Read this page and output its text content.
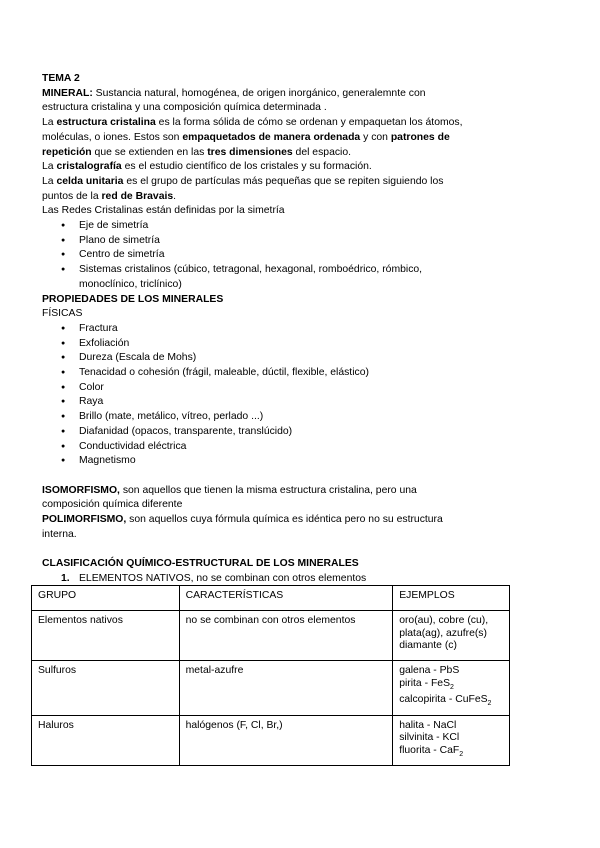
TEMA 2

MINERAL: Sustancia natural, homogénea, de origen inorgánico, generalemnte con estructura cristalina y una composición química determinada .

La estructura cristalina es la forma sólida de cómo se ordenan y empaquetan los átomos, moléculas, o iones. Estos son empaquetados de manera ordenada y con patrones de repetición que se extienden en las tres dimensiones del espacio.

La cristalografía es el estudio científico de los cristales y su formación.

La celda unitaria es el grupo de partículas más pequeñas que se repiten siguiendo los puntos de la red de Bravais.

Las Redes Cristalinas están definidas por la simetría

● Eje de simetría
● Plano de simetría
● Centro de simetría
● Sistemas cristalinos (cúbico, tetragonal, hexagonal, romboédrico, rómbico, monoclínico, triclínico)

PROPIEDADES DE LOS MINERALES

FÍSICAS

● Fractura
● Exfoliación
● Dureza (Escala de Mohs)
● Tenacidad o cohesión (frágil, maleable, dúctil, flexible, elástico)
● Color
● Raya
● Brillo (mate, metálico, vítreo, perlado ...)
● Diafanidad (opacos, transparente, translúcido)
● Conductividad eléctrica
● Magnetismo

ISOMORFISMO, son aquellos que tienen la misma estructura cristalina, pero una composición química diferente

POLIMORFISMO, son aquellos cuya fórmula química es idéntica pero no su estructura interna.

CLASIFICACIÓN QUÍMICO-ESTRUCTURAL DE LOS MINERALES

1. ELEMENTOS NATIVOS, no se combinan con otros elementos

GRUPO	CARACTERÍSTICAS	EJEMPLOS
Elementos nativos	no se combinan con otros elementos	oro(au), cobre (cu),
plata(ag), azufre(s)
diamante (c)

Sulfuros	metal-azufre	galena - PbS
pirita - FeS$_2$
calcopirita - CuFeS$_2$

Haluros	halógenos (F, Cl, Br,)	halita - NaCl
silvinita - KCl
fluorita - CaF$_2$
